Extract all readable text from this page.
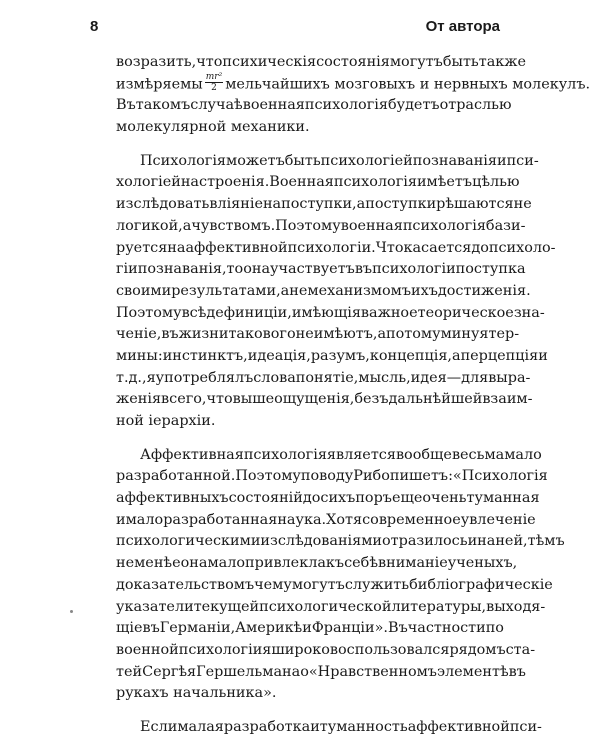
8	От автора
возразить, что психическія состоянія могутъ быть также
измѣряемы $\frac{\text{mr²}}{2}$ мельчайшихъ мозговыхъ и нервныхъ молекулъ.
Въ такомъ случаѣ военная психологія будетъ отраслью
молекулярной механики.
Психологія можетъ быть психологіей познаванія и пси-
хологіей настроенія. Военная психологія имѣетъ цѣлью
изслѣдовать вліяніе на поступки, а поступки рѣшаются не
логикой, а чувствомъ. Поэтому военная психологія бази-
руется на аффективной психологіи. Что касается до психоло-
гіи познаванія, то она участвуетъ въ психологіи поступка
своими результатами, а не механизмомъ ихъ достиженія.
Поэтому всѣ дефиниціи, имѣющія важное теорическое зна-
ченіе, въ жизни такового не имѣютъ, а потому минуя тер-
мины: инстинктъ, идеація, разумъ, концепція, аперцепція и
т. д., я употреблялъ слова понятіе, мысль, идея—для выра-
женія всего, что выше ощущенія, безъ дальнѣйшей взаим-
ной іерархіи.
Аффективная психологія является вообще весьма мало
разработанной. По этому поводу Рибо пишетъ: «Психологія
аффективныхъ состояній до сихъ поръ еще очень туманная
и мало разработанная наука. Хотя современное увлеченіе
психологическими изслѣдованіями отразилось и на ней, тѣмъ
не менѣе она мало привлекла къ себѣ вниманіе ученыхъ,
доказательствомъ чему могутъ служить библіографическіе
указатели текущей психологической литературы, выходя-
щіе въ Германіи, Америкѣ и Франціи». Въ частности по
военной психологіи я широко воспользовался рядомъ ста-
тей Сергѣя Гершельмана о «Нравственномъ элементѣ въ
рукахъ начальника».
Если малая разработка и туманность аффективной пси-
